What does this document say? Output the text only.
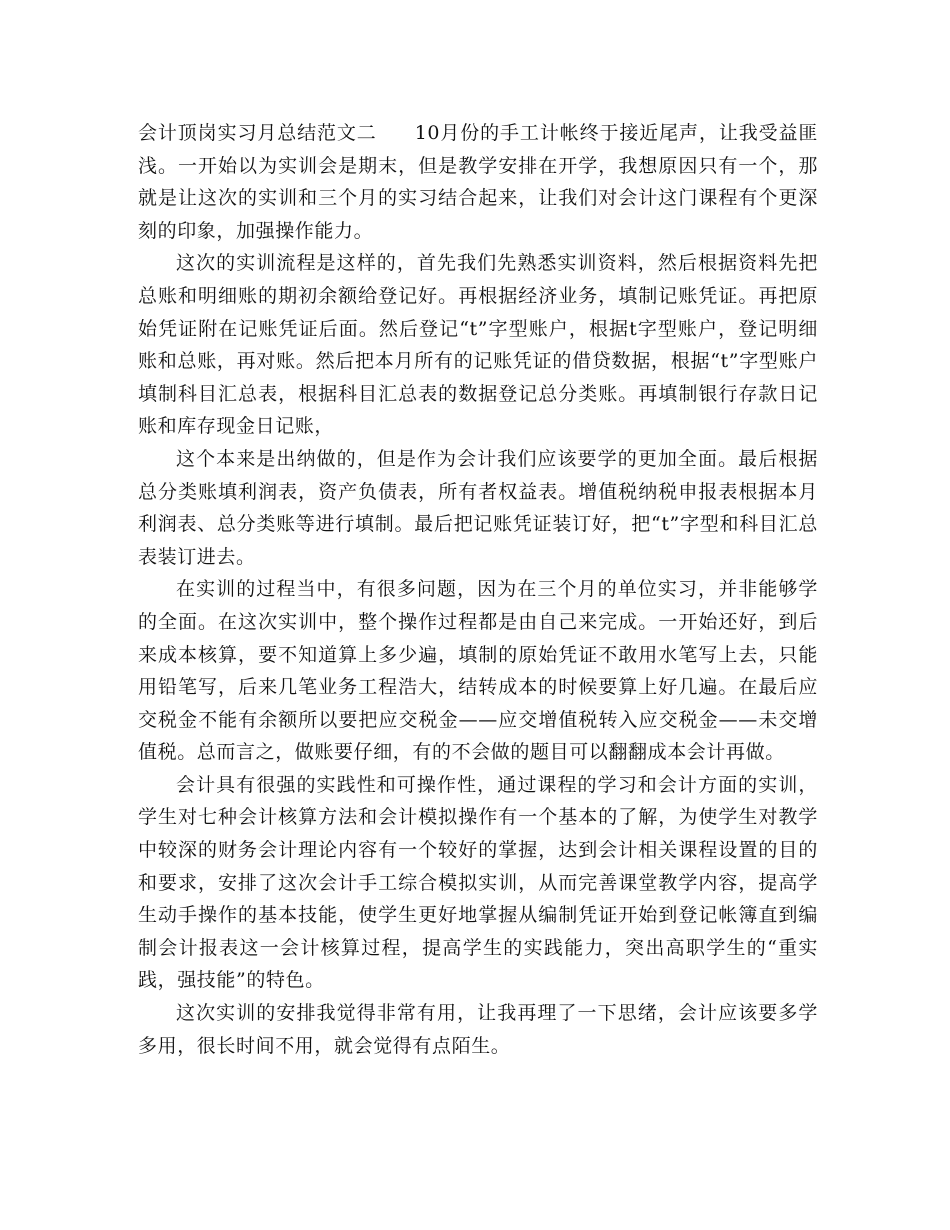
会计顶岗实习月总结范文二 10月份的手工计帐终于接近尾声，让我受益匪浅。一开始以为实训会是期末，但是教学安排在开学，我想原因只有一个，那就是让这次的实训和三个月的实习结合起来，让我们对会计这门课程有个更深刻的印象，加强操作能力。

这次的实训流程是这样的，首先我们先熟悉实训资料，然后根据资料先把总账和明细账的期初余额给登记好。再根据经济业务，填制记账凭证。再把原始凭证附在记账凭证后面。然后登记“t”字型账户，根据t字型账户，登记明细账和总账，再对账。然后把本月所有的记账凭证的借贷数据，根据“t”字型账户填制科目汇总表，根据科目汇总表的数据登记总分类账。再填制银行存款日记账和库存现金日记账，

这个本来是出纳做的，但是作为会计我们应该要学的更加全面。最后根据总分类账填利润表，资产负债表，所有者权益表。增值税纳税申报表根据本月利润表、总分类账等进行填制。最后把记账凭证装订好，把“t”字型和科目汇总表装订进去。

在实训的过程当中，有很多问题，因为在三个月的单位实习，并非能够学的全面。在这次实训中，整个操作过程都是由自己来完成。一开始还好，到后来成本核算，要不知道算上多少遍，填制的原始凭证不敢用水笔写上去，只能用铅笔写，后来几笔业务工程浩大，结转成本的时候要算上好几遍。在最后应交税金不能有余额所以要把应交税金——应交增值税转入应交税金——未交增值税。总而言之，做账要仔细，有的不会做的题目可以翻翻成本会计再做。

会计具有很强的实践性和可操作性，通过课程的学习和会计方面的实训，学生对七种会计核算方法和会计模拟操作有一个基本的了解，为使学生对教学中较深的财务会计理论内容有一个较好的掌握，达到会计相关课程设置的目的和要求，安排了这次会计手工综合模拟实训，从而完善课堂教学内容，提高学生动手操作的基本技能，使学生更好地掌握从编制凭证开始到登记帐簿直到编制会计报表这一会计核算过程，提高学生的实践能力，突出高职学生的“重实践，强技能”的特色。

这次实训的安排我觉得非常有用，让我再理了一下思绪，会计应该要多学多用，很长时间不用，就会觉得有点陌生。
